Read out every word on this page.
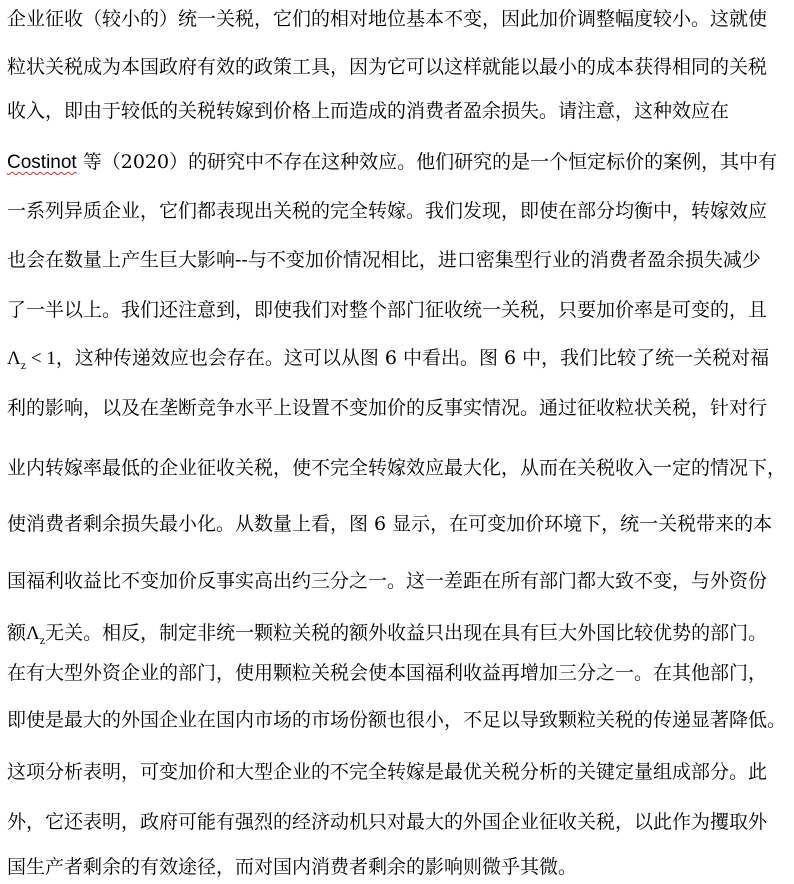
企业征收（较小的）统一关税，它们的相对地位基本不变，因此加价调整幅度较小。这就使
粒状关税成为本国政府有效的政策工具，因为它可以这样就能以最小的成本获得相同的关税
收入，即由于较低的关税转嫁到价格上而造成的消费者盈余损失。请注意，这种效应在
Costinot 等（2020）的研究中不存在这种效应。他们研究的是一个恒定标价的案例，其中有
一系列异质企业，它们都表现出关税的完全转嫁。我们发现，即使在部分均衡中，转嫁效应
也会在数量上产生巨大影响--与不变加价情况相比，进口密集型行业的消费者盈余损失减少
了一半以上。我们还注意到，即使我们对整个部门征收统一关税，只要加价率是可变的，且
$\Lambda_z < 1$，这种传递效应也会存在。这可以从图 6 中看出。图 6 中，我们比较了统一关税对福
利的影响，以及在垄断竞争水平上设置不变加价的反事实情况。通过征收粒状关税，针对行
业内转嫁率最低的企业征收关税，使不完全转嫁效应最大化，从而在关税收入一定的情况下，
使消费者剩余损失最小化。从数量上看，图 6 显示，在可变加价环境下，统一关税带来的本
国福利收益比不变加价反事实高出约三分之一。这一差距在所有部门都大致不变，与外资份
额$\Lambda_z$无关。相反，制定非统一颗粒关税的额外收益只出现在具有巨大外国比较优势的部门。
在有大型外资企业的部门，使用颗粒关税会使本国福利收益再增加三分之一。在其他部门，
即使是最大的外国企业在国内市场的市场份额也很小，不足以导致颗粒关税的传递显著降低。
这项分析表明，可变加价和大型企业的不完全转嫁是最优关税分析的关键定量组成部分。此
外，它还表明，政府可能有强烈的经济动机只对最大的外国企业征收关税，以此作为攫取外
国生产者剩余的有效途径，而对国内消费者剩余的影响则微乎其微。
